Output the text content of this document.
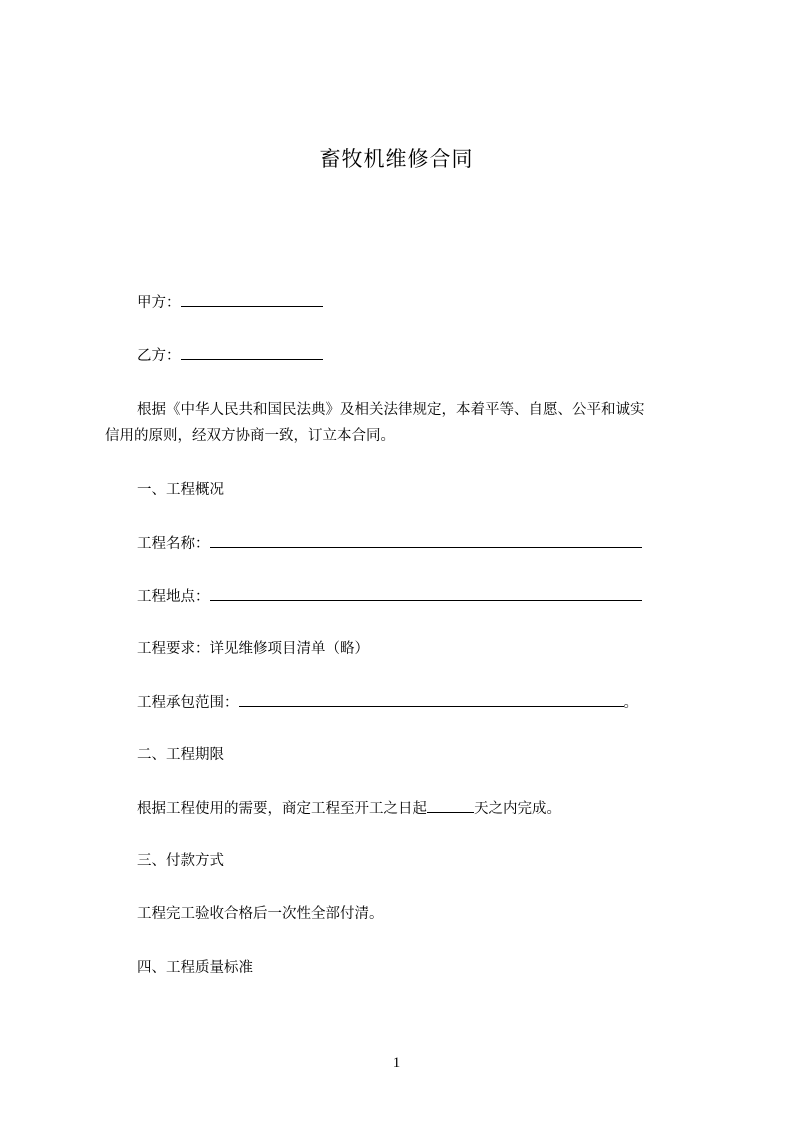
畜牧机维修合同
甲方：
乙方：
根据《中华人民共和国民法典》及相关法律规定，本着平等、自愿、公平和诚实
信用的原则，经双方协商一致，订立本合同。
一、工程概况
工程名称：
工程地点：
工程要求：详见维修项目清单（略）
工程承包范围：	。
二、工程期限
根据工程使用的需要，商定工程至开工之日起	天之内完成。
三、付款方式
工程完工验收合格后一次性全部付清。
四、工程质量标准
1
